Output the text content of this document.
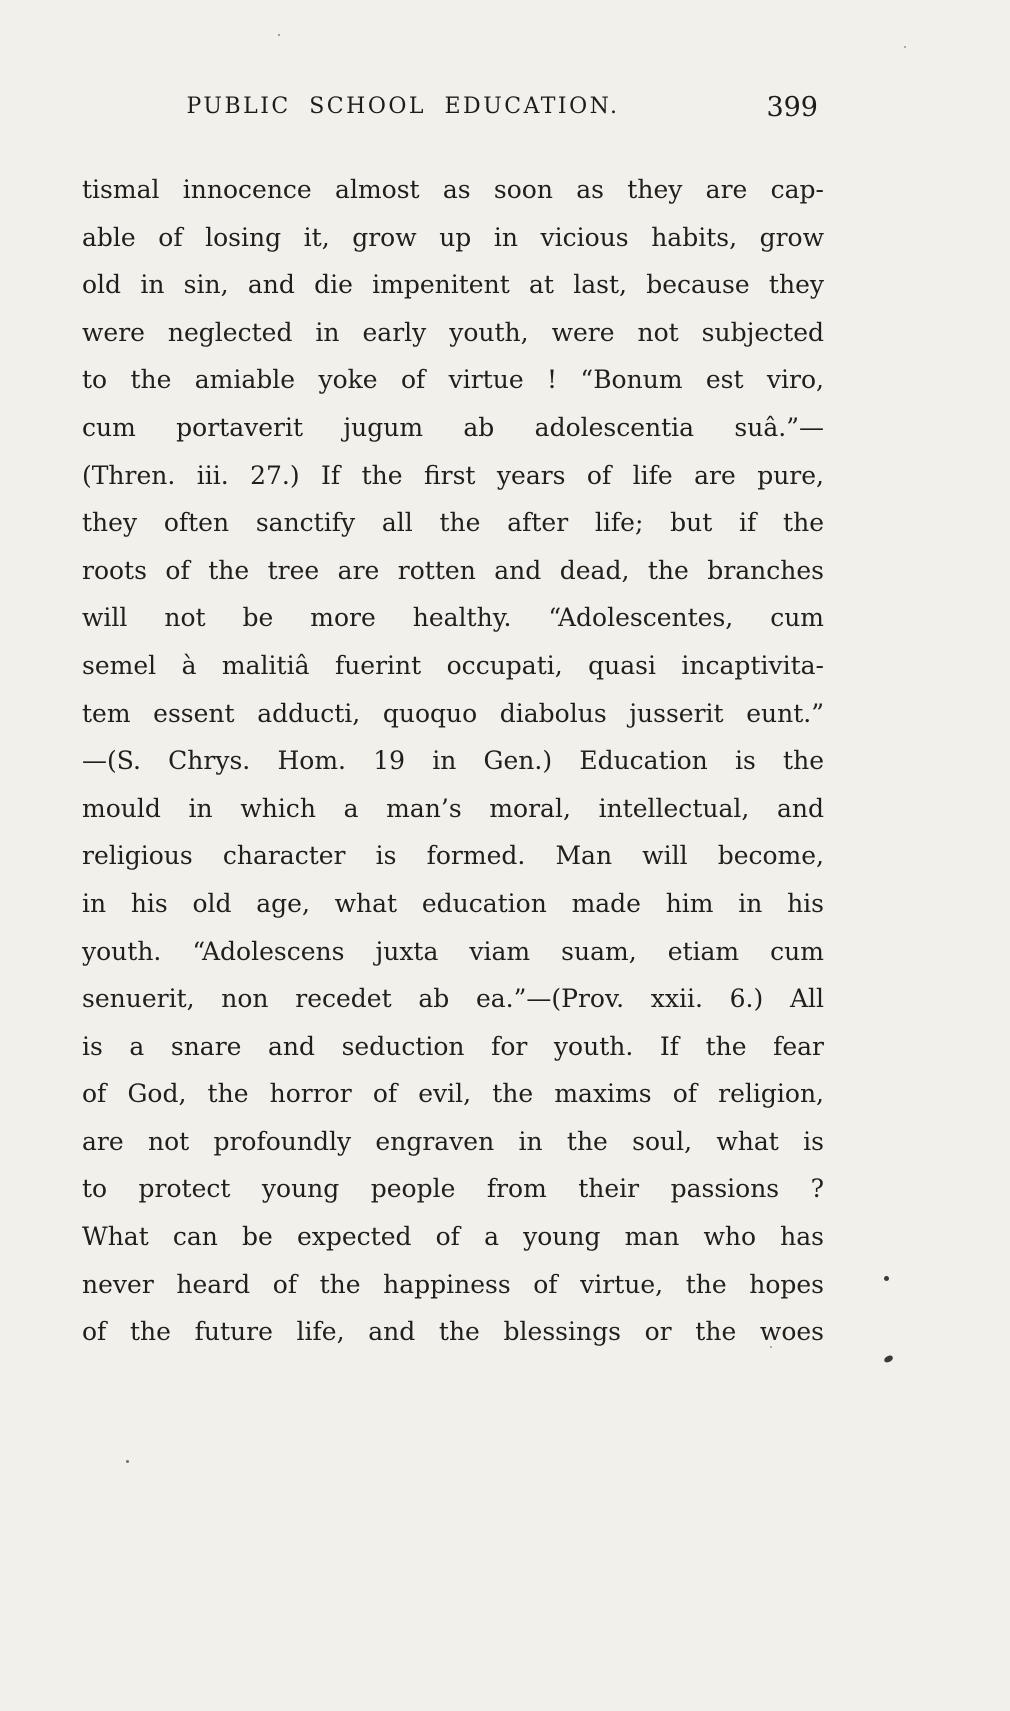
PUBLIC SCHOOL EDUCATION.	399
tismal innocence almost as soon as they are cap-
able of losing it, grow up in vicious habits, grow
old in sin, and die impenitent at last, because they
were neglected in early youth, were not subjected
to the amiable yoke of virtue ! “Bonum est viro,
cum portaverit jugum ab adolescentia suâ.”—
(Thren. iii. 27.) If the first years of life are pure,
they often sanctify all the after life; but if the
roots of the tree are rotten and dead, the branches
will not be more healthy. “Adolescentes, cum
semel à malitiâ fuerint occupati, quasi incaptivita-
tem essent adducti, quoquo diabolus jusserit eunt.”
—(S. Chrys. Hom. 19 in Gen.) Education is the
mould in which a man’s moral, intellectual, and
religious character is formed. Man will become,
in his old age, what education made him in his
youth. “Adolescens juxta viam suam, etiam cum
senuerit, non recedet ab ea.”—(Prov. xxii. 6.) All
is a snare and seduction for youth. If the fear
of God, the horror of evil, the maxims of religion,
are not profoundly engraven in the soul, what is
to protect young people from their passions ?
What can be expected of a young man who has
never heard of the happiness of virtue, the hopes
of the future life, and the blessings or the woes
